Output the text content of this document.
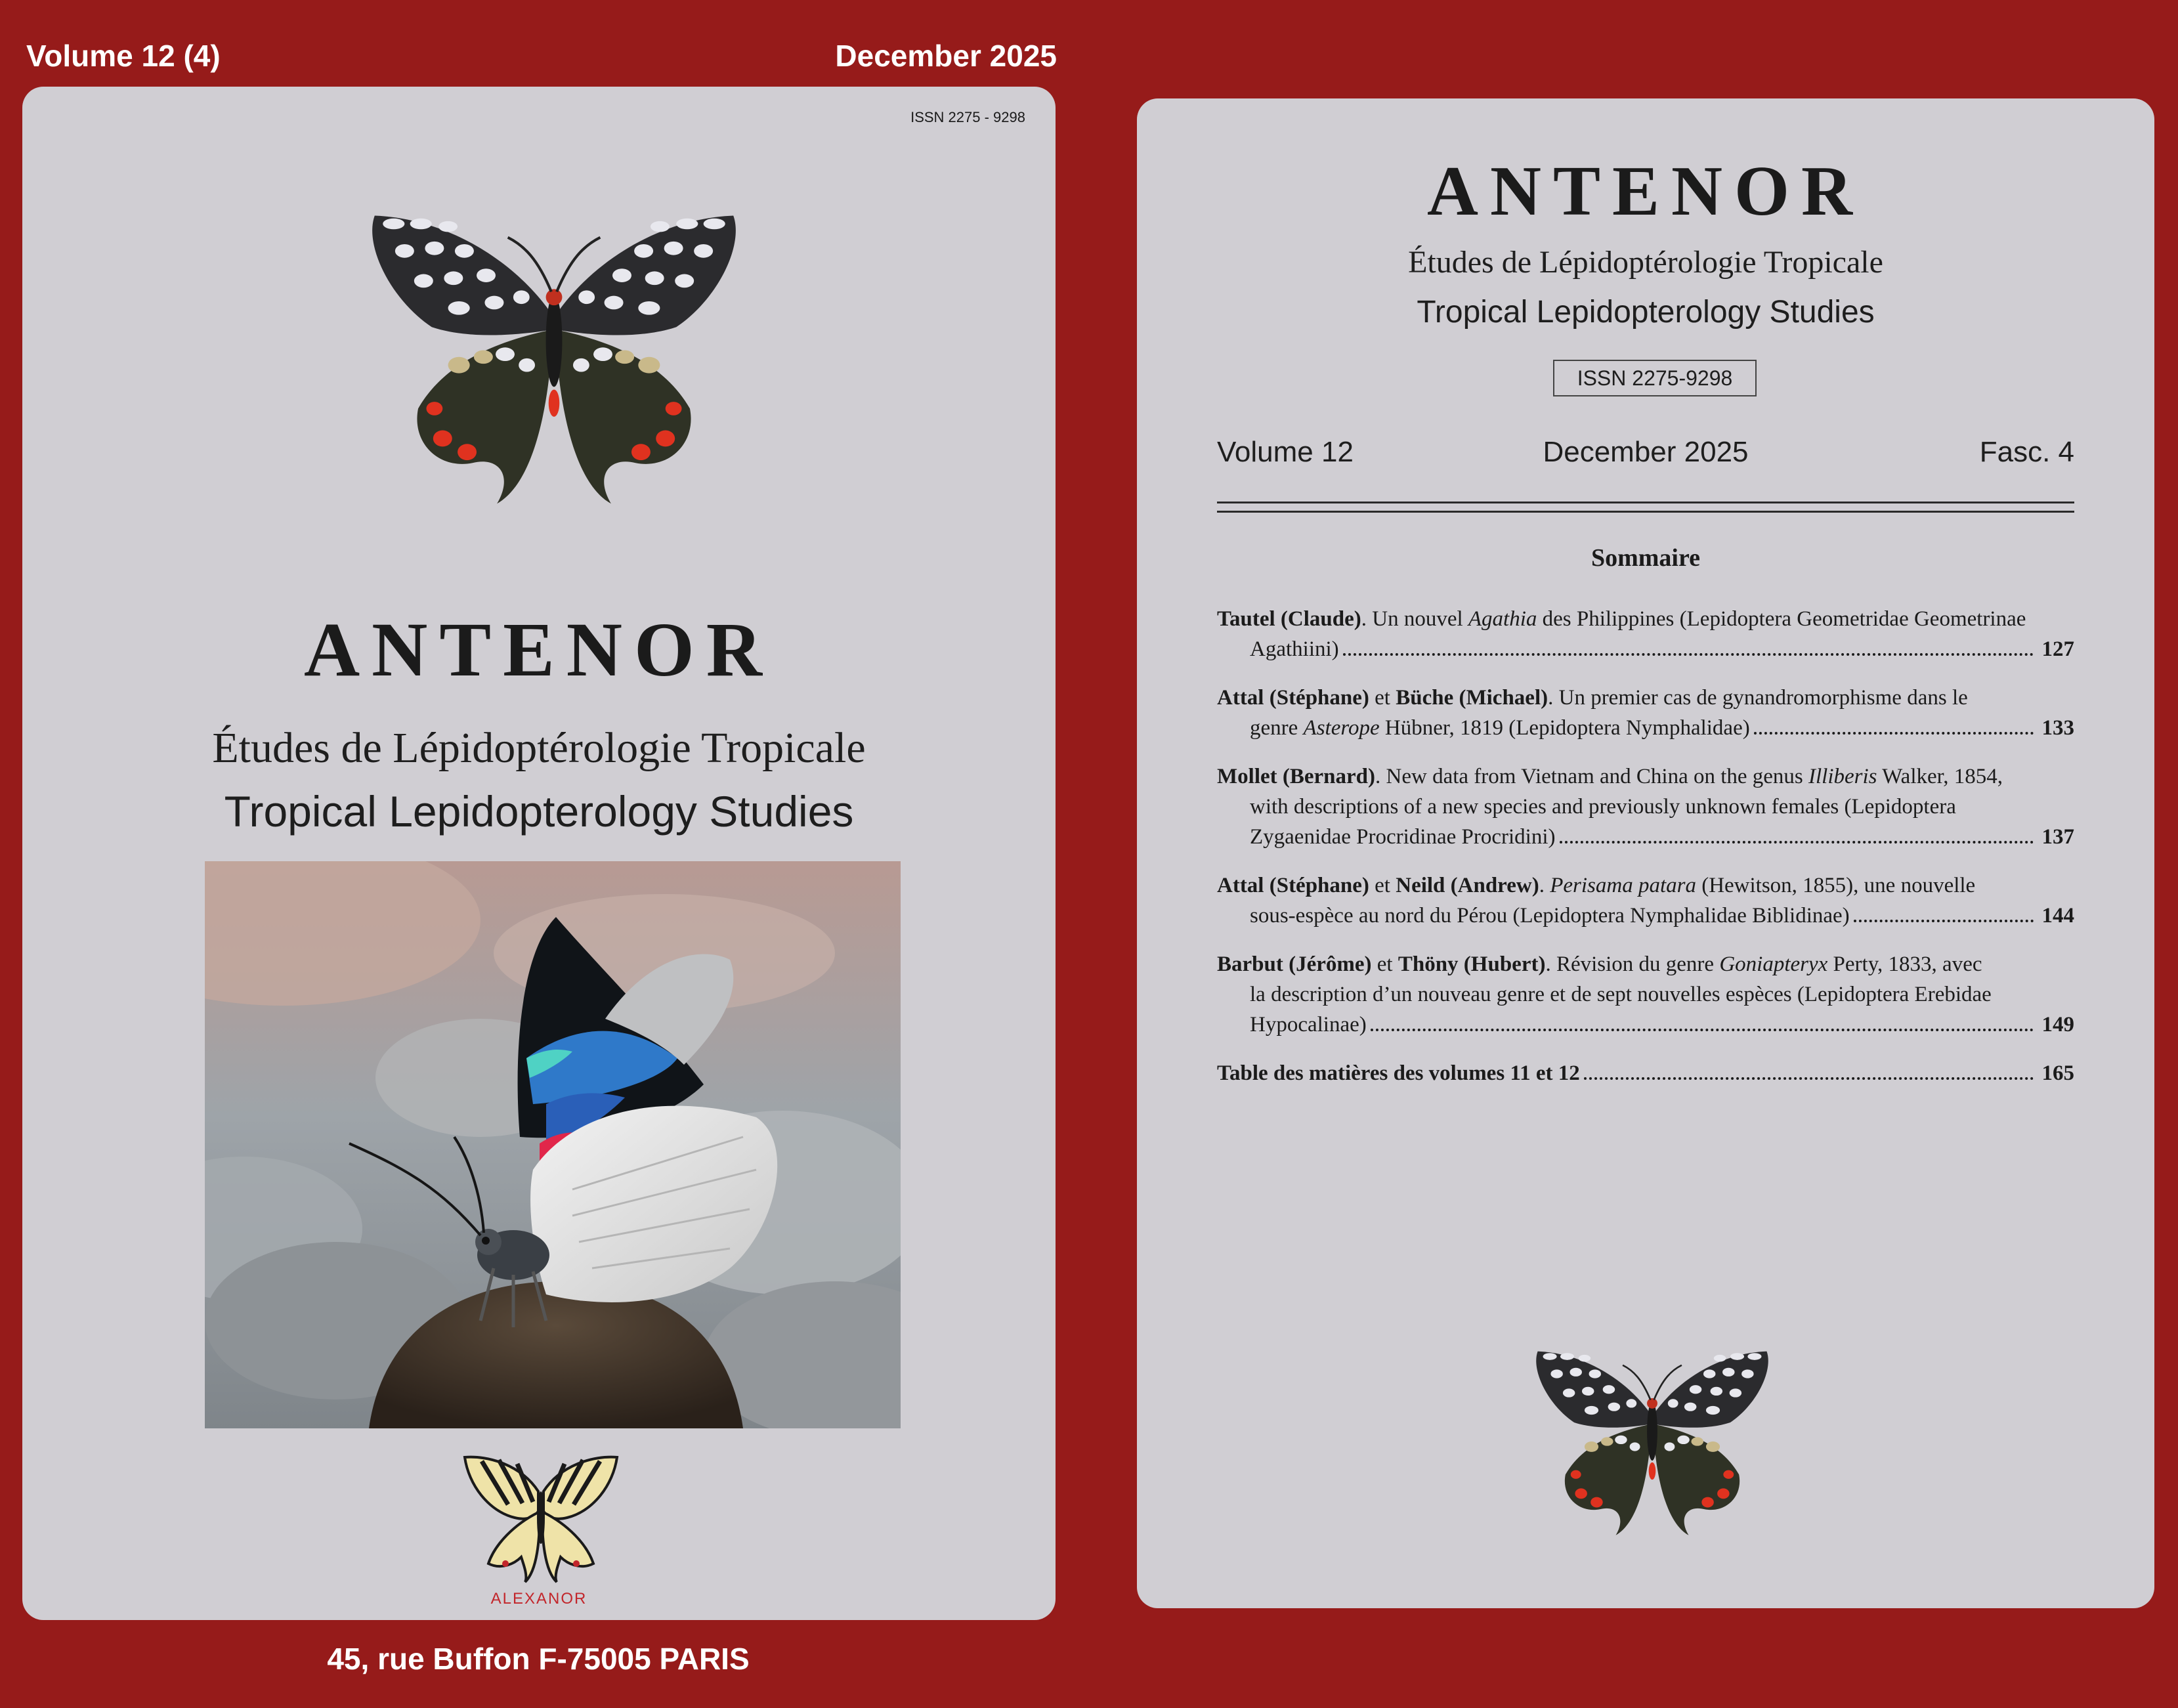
Volume 12 (4)	December 2025
ISSN 2275 - 9298
ANTENOR
Études de Lépidoptérologie Tropicale
Tropical Lepidopterology Studies
ALEXANOR
45, rue Buffon F-75005 PARIS
ANTENOR
Études de Lépidoptérologie Tropicale
Tropical Lepidopterology Studies
ISSN 2275-9298
Volume 12	December 2025	Fasc. 4
Sommaire
Tautel (Claude). Un nouvel Agathia des Philippines (Lepidoptera Geometridae Geometrinae
Agathiini)	127
Attal (Stéphane) et Büche (Michael). Un premier cas de gynandromorphisme dans le
genre Asterope Hübner, 1819 (Lepidoptera Nymphalidae)	133
Mollet (Bernard). New data from Vietnam and China on the genus Illiberis Walker, 1854,
with descriptions of a new species and previously unknown females (Lepidoptera
Zygaenidae Procridinae Procridini)	137
Attal (Stéphane) et Neild (Andrew). Perisama patara (Hewitson, 1855), une nouvelle
sous-espèce au nord du Pérou (Lepidoptera Nymphalidae Biblidinae)	144
Barbut (Jérôme) et Thöny (Hubert). Révision du genre Goniapteryx Perty, 1833, avec
la description d’un nouveau genre et de sept nouvelles espèces (Lepidoptera Erebidae
Hypocalinae)	149
Table des matières des volumes 11 et 12	165
